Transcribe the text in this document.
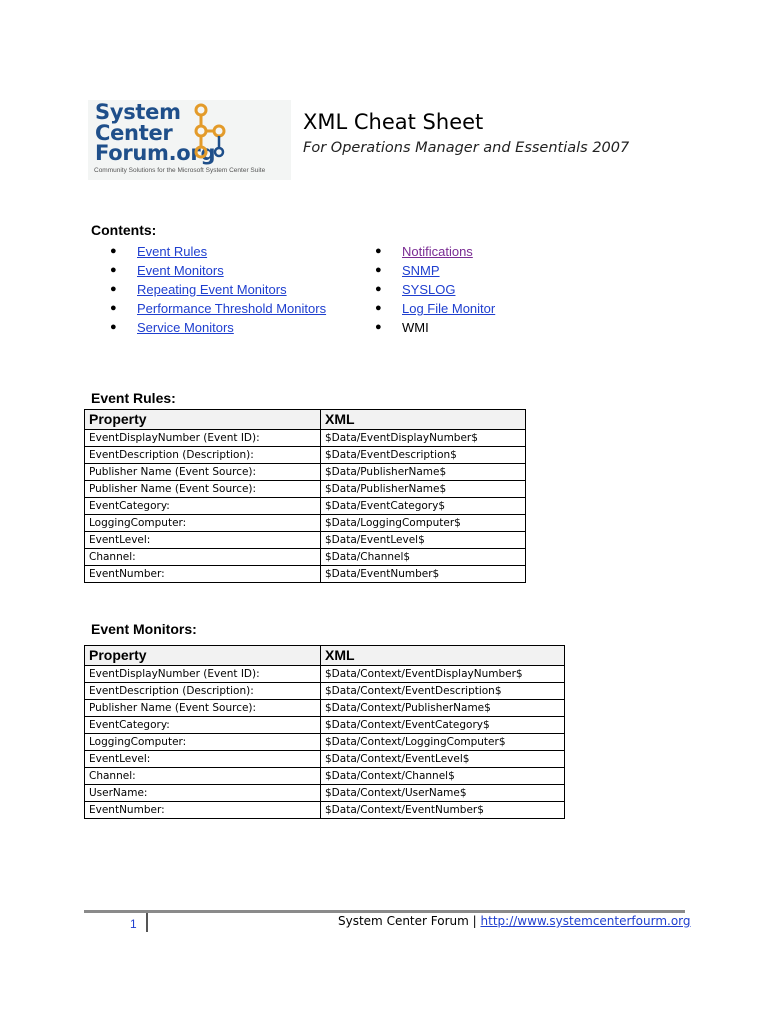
System
Center
Forum.org
Community Solutions for the Microsoft System Center Suite
XML Cheat Sheet
For Operations Manager and Essentials 2007
Contents:
● Event Rules
● Event Monitors
● Repeating Event Monitors
● Performance Threshold Monitors
● Service Monitors
● Notifications
● SNMP
● SYSLOG
● Log File Monitor
● WMI
Event Rules:
Property	XML
EventDisplayNumber (Event ID):	$Data/EventDisplayNumber$
EventDescription (Description):	$Data/EventDescription$
Publisher Name (Event Source):	$Data/PublisherName$
Publisher Name (Event Source):	$Data/PublisherName$
EventCategory:	$Data/EventCategory$
LoggingComputer:	$Data/LoggingComputer$
EventLevel:	$Data/EventLevel$
Channel:	$Data/Channel$
EventNumber:	$Data/EventNumber$
Event Monitors:
Property	XML
EventDisplayNumber (Event ID):	$Data/Context/EventDisplayNumber$
EventDescription (Description):	$Data/Context/EventDescription$
Publisher Name (Event Source):	$Data/Context/PublisherName$
EventCategory:	$Data/Context/EventCategory$
LoggingComputer:	$Data/Context/LoggingComputer$
EventLevel:	$Data/Context/EventLevel$
Channel:	$Data/Context/Channel$
UserName:	$Data/Context/UserName$
EventNumber:	$Data/Context/EventNumber$
1	System Center Forum | http://www.systemcenterfourm.org
